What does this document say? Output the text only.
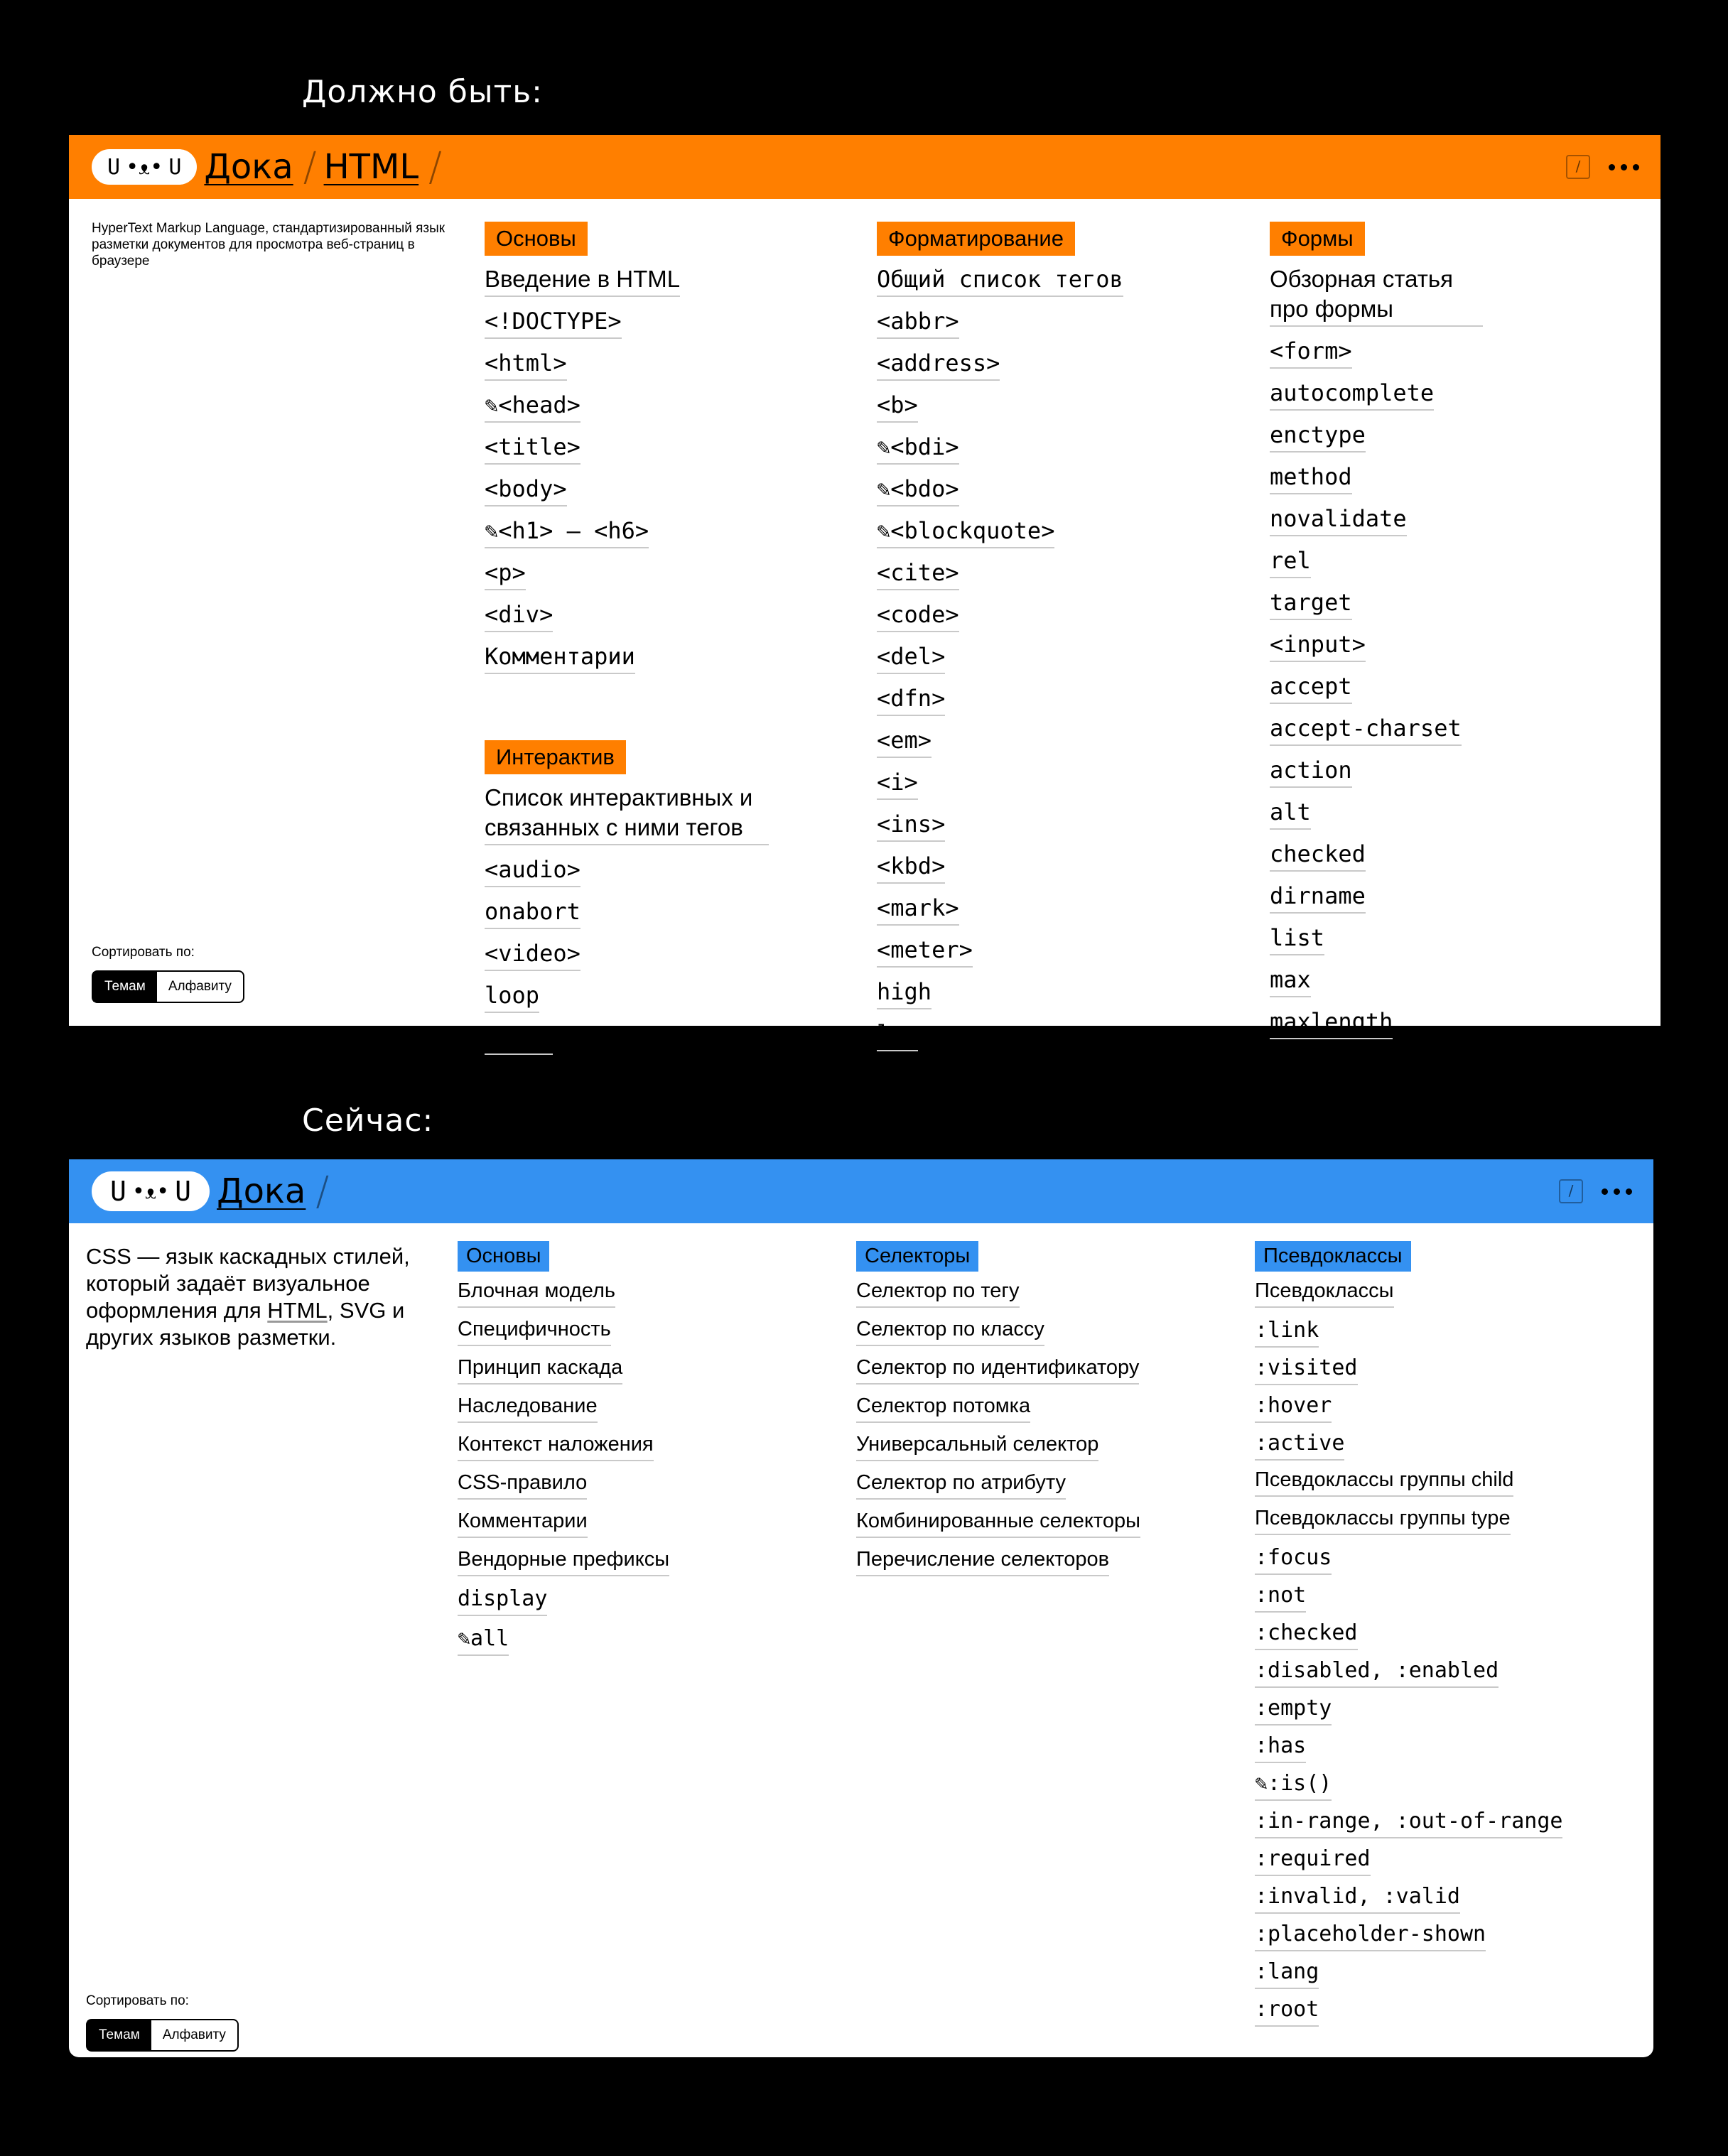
Должно быть:
U •ᴥ• U Дока / HTML /	/
HyperText Markup Language, стандартизированный язык разметки документов для просмотра веб-страниц в браузере
Основы
Введение в HTML
<!DOCTYPE>
<html>
✎<head>
<title>
<body>
✎<h1> – <h6>
<p>
<div>
Комментарии
Интерактив
Список интерактивных и связанных с ними тегов
<audio>
onabort
<video>
loop
muted
Форматирование
Общий список тегов
<abbr>
<address>
<b>
✎<bdi>
✎<bdo>
✎<blockquote>
<cite>
<code>
<del>
<dfn>
<em>
<i>
<ins>
<kbd>
<mark>
<meter>
high
low
Формы
Обзорная статья про формы
<form>
autocomplete
enctype
method
novalidate
rel
target
<input>
accept
accept-charset
action
alt
checked
dirname
list
max
maxlength
Сортировать по:
Темам	Алфавиту
Сейчас:
U •ᴥ• U Дока /	/
CSS — язык каскадных стилей, который задаёт визуальное оформления для HTML, SVG и других языков разметки.
Основы
Блочная модель
Специфичность
Принцип каскада
Наследование
Контекст наложения
CSS-правило
Комментарии
Вендорные префиксы
display
✎all
Селекторы
Селектор по тегу
Селектор по классу
Селектор по идентификатору
Селектор потомка
Универсальный селектор
Селектор по атрибуту
Комбинированные селекторы
Перечисление селекторов
Псевдоклассы
Псевдоклассы
:link
:visited
:hover
:active
Псевдоклассы группы child
Псевдоклассы группы type
:focus
:not
:checked
:disabled, :enabled
:empty
:has
✎:is()
:in-range, :out-of-range
:required
:invalid, :valid
:placeholder-shown
:lang
:root
Сортировать по:
Темам	Алфавиту
